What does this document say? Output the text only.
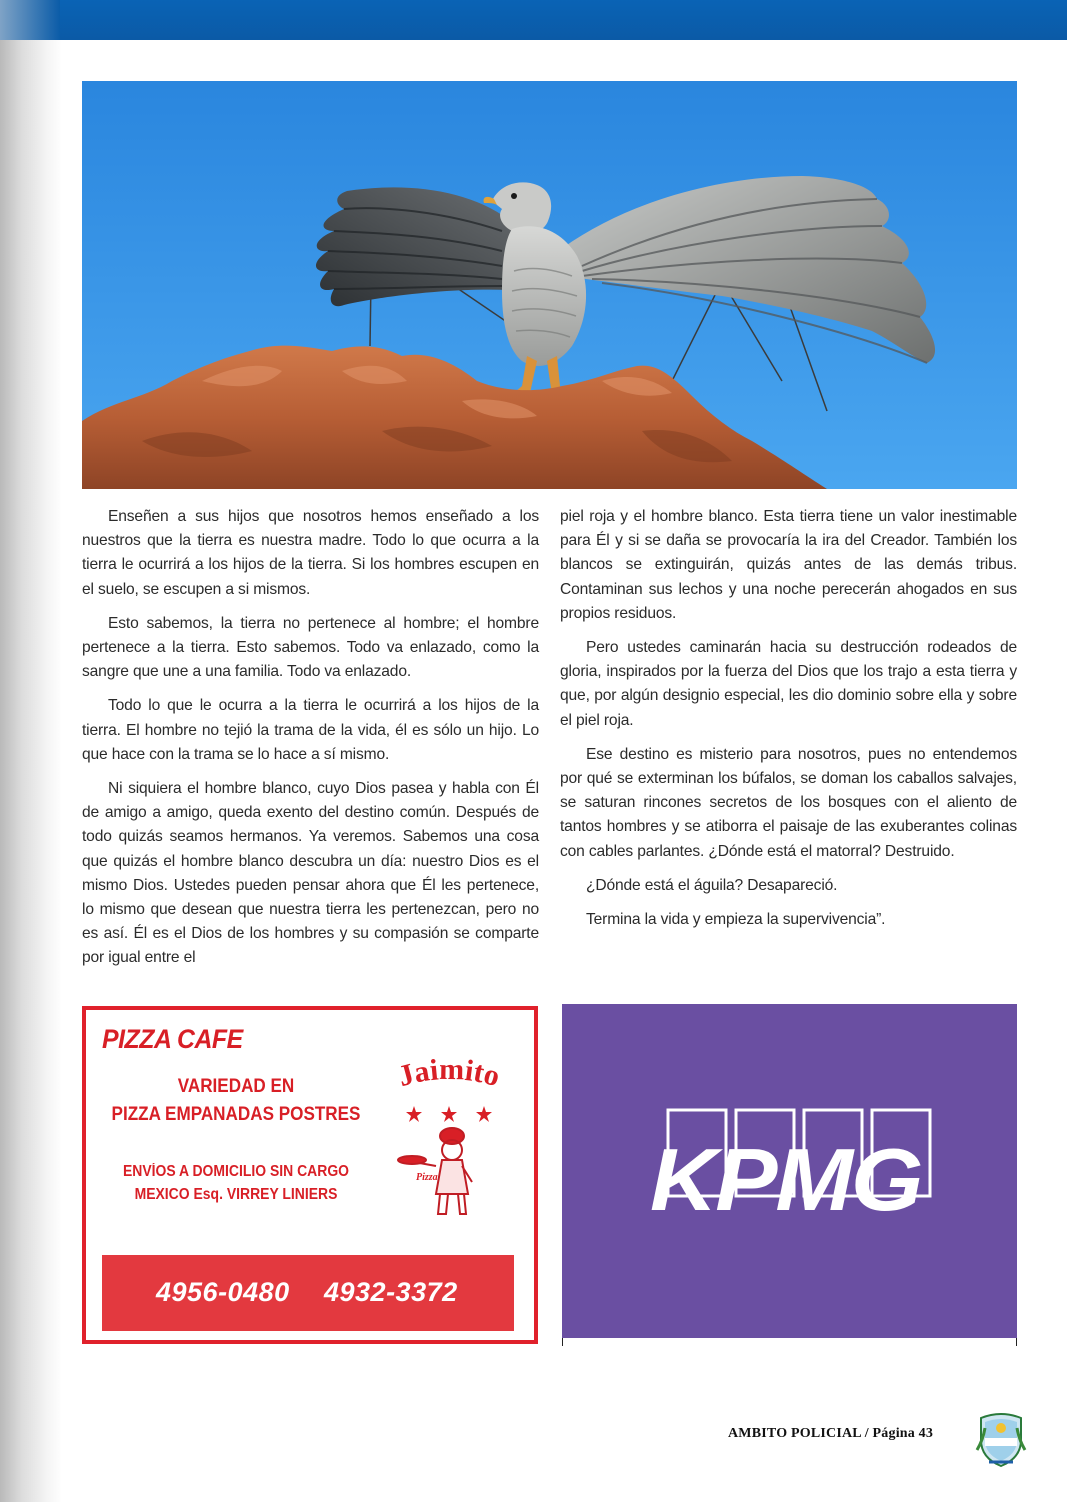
Enseñen a sus hijos que nosotros hemos enseñado a los nuestros que la tierra es nuestra madre. Todo lo que ocurra a la tierra le ocurrirá a los hijos de la tierra. Si los hombres escupen en el suelo, se escupen a si mismos.

Esto sabemos, la tierra no pertenece al hombre; el hombre pertenece a la tierra. Esto sabemos. Todo va enlazado, como la sangre que une a una familia. Todo va enlazado.

Todo lo que le ocurra a la tierra le ocurrirá a los hijos de la tierra. El hombre no tejió la trama de la vida, él es sólo un hijo. Lo que hace con la trama se lo hace a sí mismo.

Ni siquiera el hombre blanco, cuyo Dios pasea y habla con Él de amigo a amigo, queda exento del destino común. Después de todo quizás seamos hermanos. Ya veremos. Sabemos una cosa que quizás el hombre blanco descubra un día: nuestro Dios es el mismo Dios. Ustedes pueden pensar ahora que Él les pertenece, lo mismo que desean que nuestra tierra les pertenezcan, pero no es así. Él es el Dios de los hombres y su compasión se comparte por igual entre el

piel roja y el hombre blanco. Esta tierra tiene un valor inestimable para Él y si se daña se provocaría la ira del Creador. También los blancos se extinguirán, quizás antes de las demás tribus. Contaminan sus lechos y una noche perecerán ahogados en sus propios residuos.

Pero ustedes caminarán hacia su destrucción rodeados de gloria, inspirados por la fuerza del Dios que los trajo a esta tierra y que, por algún designio especial, les dio dominio sobre ella y sobre el piel roja.

Ese destino es misterio para nosotros, pues no entendemos por qué se exterminan los búfalos, se doman los caballos salvajes, se saturan rincones secretos de los bosques con el aliento de tantos hombres y se atiborra el paisaje de las exuberantes colinas con cables parlantes. ¿Dónde está el matorral? Destruido.

¿Dónde está el águila? Desapareció.

Termina la vida y empieza la supervivencia”.

PIZZA CAFE
VARIEDAD EN
PIZZA EMPANADAS POSTRES
ENVÍOS A DOMICILIO SIN CARGO
MEXICO Esq. VIRREY LINIERS
Jaimito
Pizza
4956-0480 4932-3372
KPMG
AMBITO POLICIAL / Página 43
